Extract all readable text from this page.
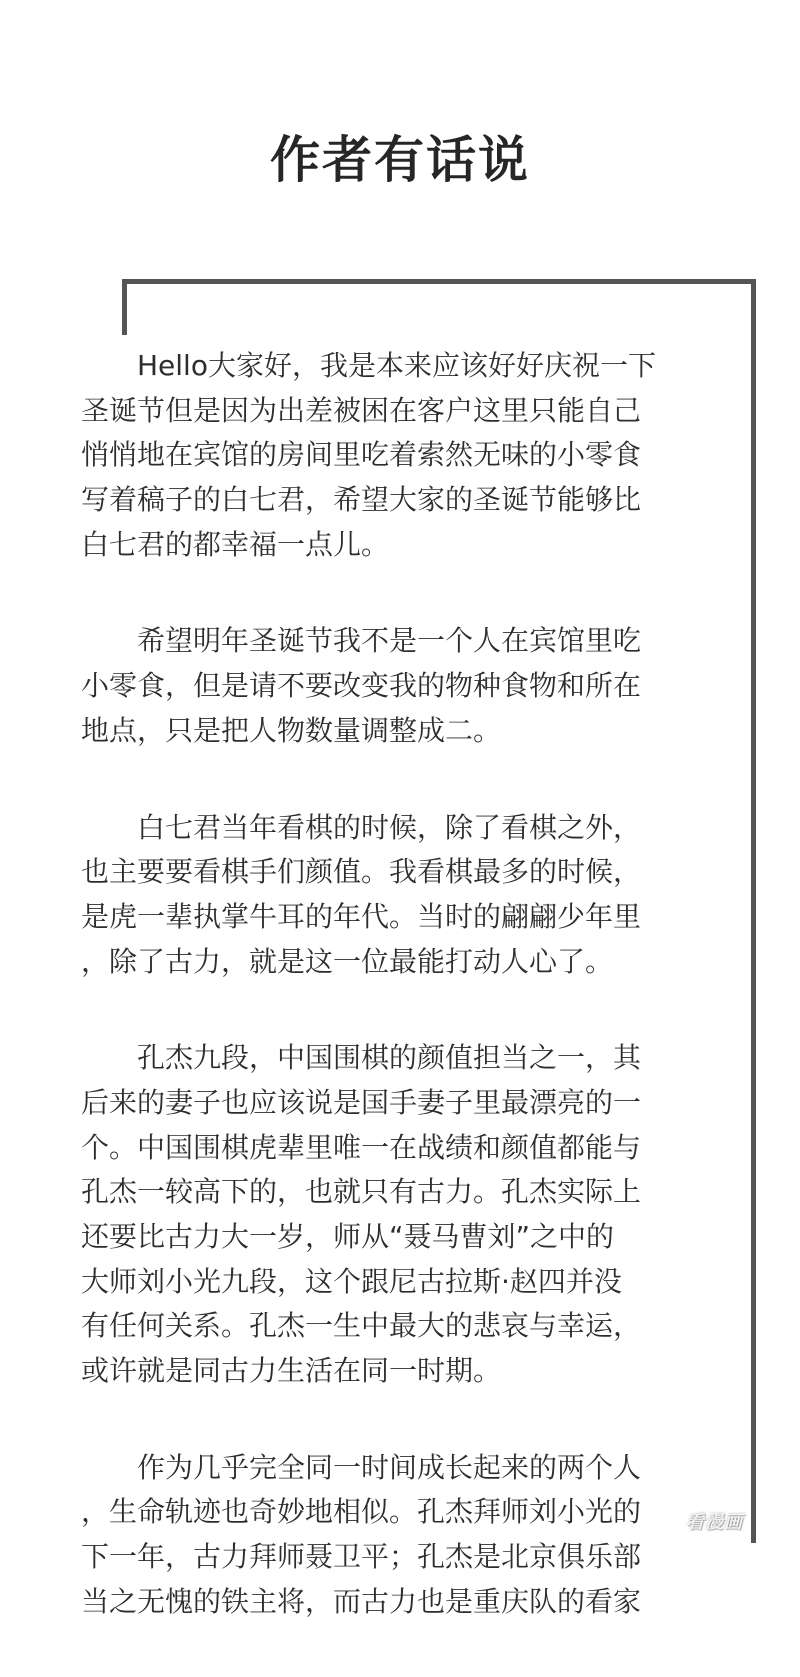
作者有话说

　　Hello大家好，我是本来应该好好庆祝一下
圣诞节但是因为出差被困在客户这里只能自己
悄悄地在宾馆的房间里吃着索然无味的小零食
写着稿子的白七君，希望大家的圣诞节能够比
白七君的都幸福一点儿。

　　希望明年圣诞节我不是一个人在宾馆里吃
小零食，但是请不要改变我的物种食物和所在
地点，只是把人物数量调整成二。

　　白七君当年看棋的时候，除了看棋之外，
也主要要看棋手们颜值。我看棋最多的时候，
是虎一辈执掌牛耳的年代。当时的翩翩少年里
，除了古力，就是这一位最能打动人心了。

　　孔杰九段，中国围棋的颜值担当之一，其
后来的妻子也应该说是国手妻子里最漂亮的一
个。中国围棋虎辈里唯一在战绩和颜值都能与
孔杰一较高下的，也就只有古力。孔杰实际上
还要比古力大一岁，师从“聂马曹刘”之中的
大师刘小光九段，这个跟尼古拉斯·赵四并没
有任何关系。孔杰一生中最大的悲哀与幸运，
或许就是同古力生活在同一时期。

　　作为几乎完全同一时间成长起来的两个人
，生命轨迹也奇妙地相似。孔杰拜师刘小光的
下一年，古力拜师聂卫平；孔杰是北京俱乐部
当之无愧的铁主将，而古力也是重庆队的看家

看漫画
